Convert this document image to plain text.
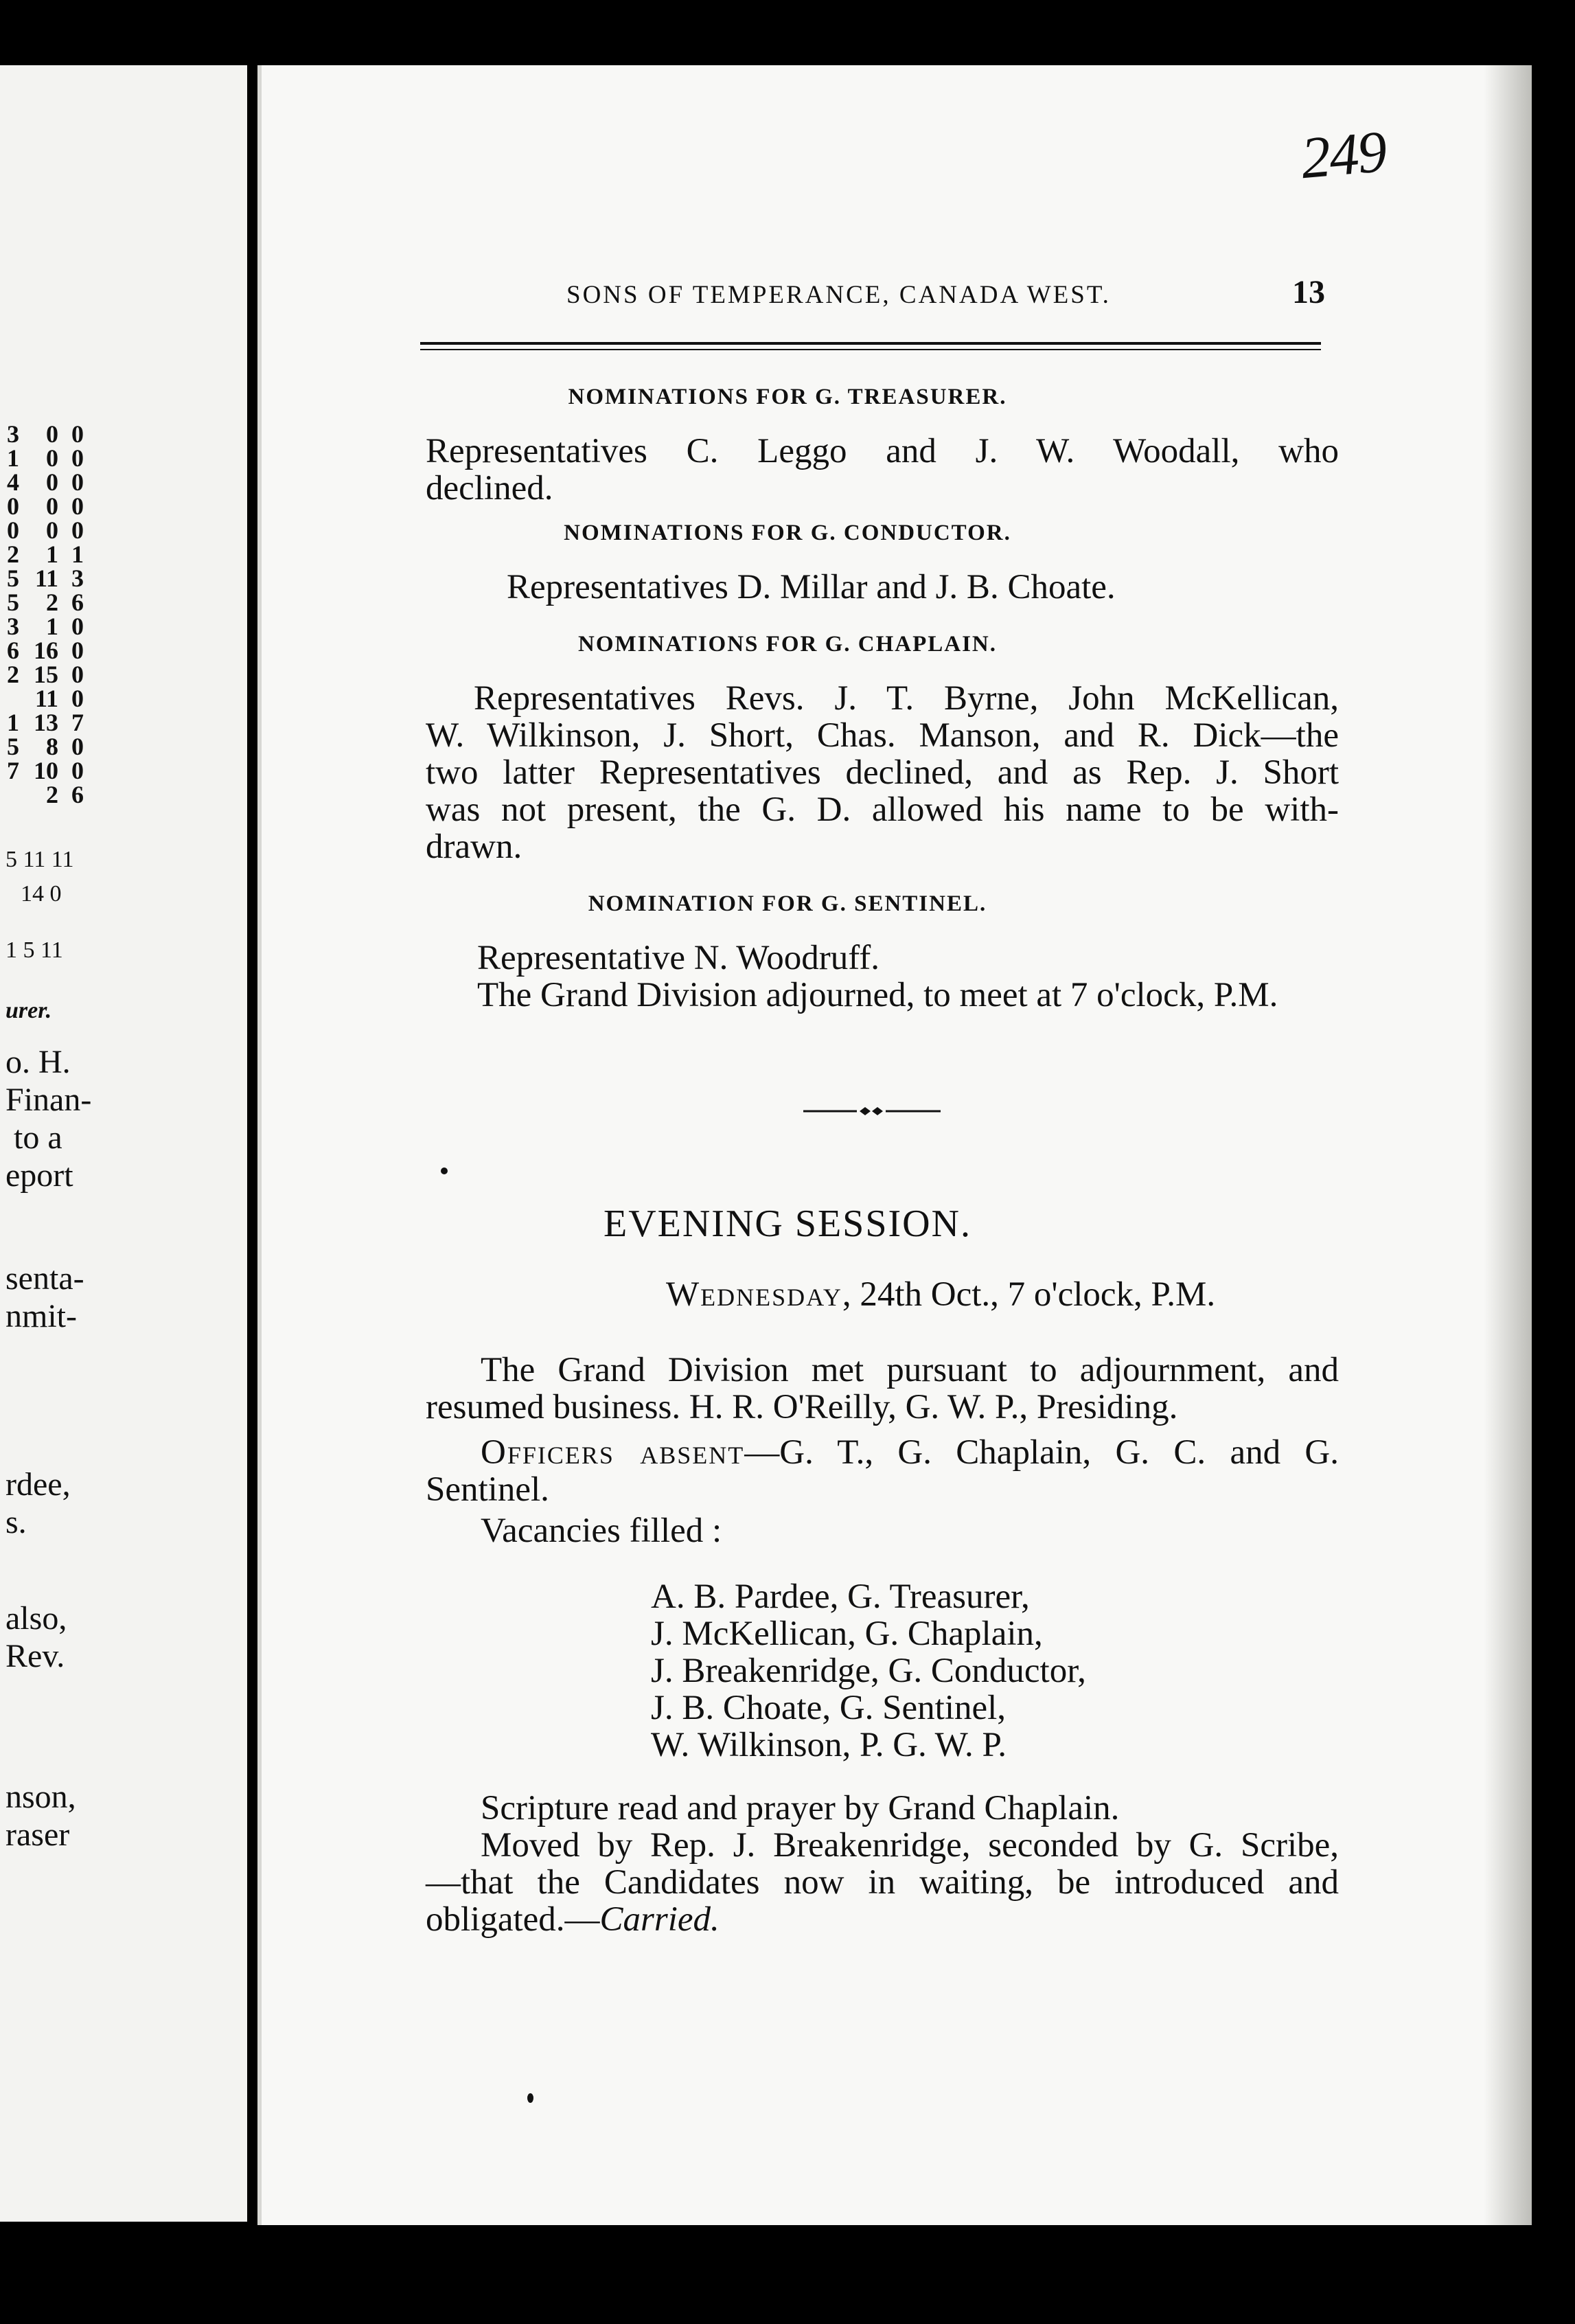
3
1
4
0
0
2
5
5
3
6
2

1
5
7

0
0
0
0
0
1
11
2
1
16
15
11
13
8
10
2

0
0
0
0
0
1
3
6
0
0
0
0
7
0
0
6

5 11 11
14 0
1 5 11
urer.
o. H.
Finan-
to a
eport
senta-
nmit-
rdee,
s.
also,
Rev.
nson,
raser
249
SONS OF TEMPERANCE, CANADA WEST.	13
NOMINATIONS FOR G. TREASURER.
Representatives C. Leggo and J. W. Woodall, who
declined.
NOMINATIONS FOR G. CONDUCTOR.
Representatives D. Millar and J. B. Choate.
NOMINATIONS FOR G. CHAPLAIN.
Representatives Revs. J. T. Byrne, John McKellican,
W. Wilkinson, J. Short, Chas. Manson, and R. Dick—the
two latter Representatives declined, and as Rep. J. Short
was not present, the G. D. allowed his name to be with-
drawn.
NOMINATION FOR G. SENTINEL.
Representative N. Woodruff.
The Grand Division adjourned, to meet at 7 o'clock, P.M.
EVENING SESSION.
Wednesday, 24th Oct., 7 o'clock, P.M.
The Grand Division met pursuant to adjournment, and
resumed business. H. R. O'Reilly, G. W. P., Presiding.
Officers absent—G. T., G. Chaplain, G. C. and G.
Sentinel.
Vacancies filled :
A. B. Pardee, G. Treasurer,
J. McKellican, G. Chaplain,
J. Breakenridge, G. Conductor,
J. B. Choate, G. Sentinel,
W. Wilkinson, P. G. W. P.
Scripture read and prayer by Grand Chaplain.
Moved by Rep. J. Breakenridge, seconded by G. Scribe,
—that the Candidates now in waiting, be introduced and
obligated.—Carried.
